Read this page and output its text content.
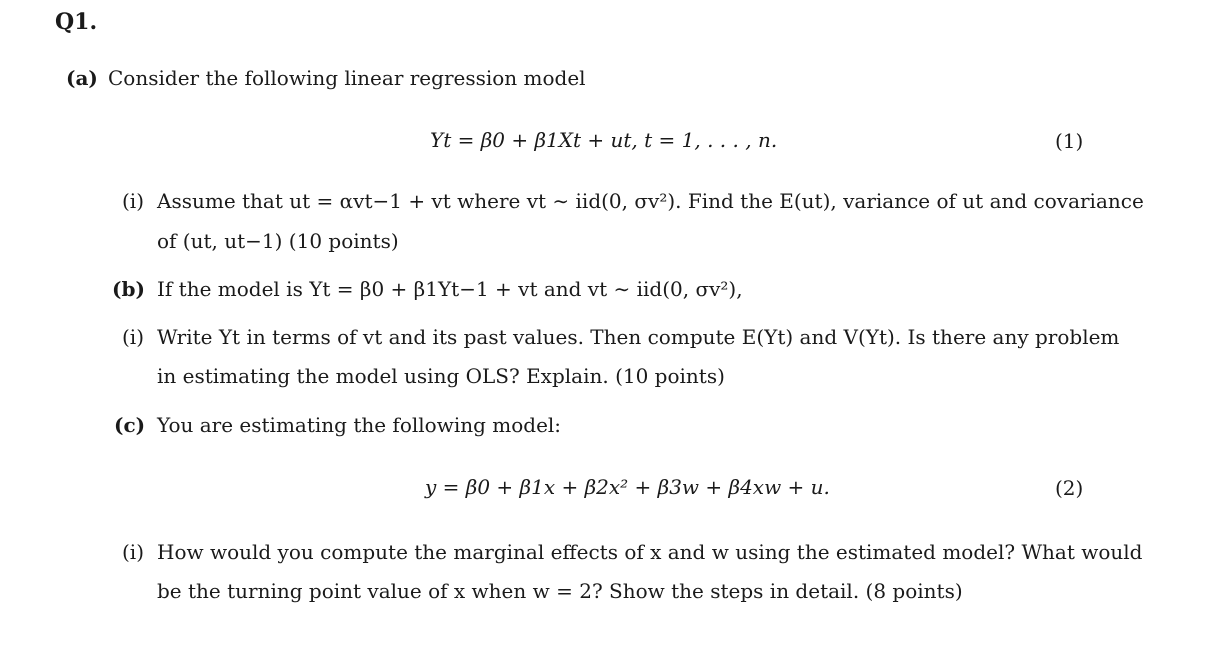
Q1.
(a) Consider the following linear regression model
Yt = β0 + β1Xt + ut, t = 1, . . . , n.	(1)
(i) Assume that ut = αvt−1 + vt where vt ∼ iid(0, σv²). Find the E(ut), variance of ut and covariance
of (ut, ut−1) (10 points)
(b) If the model is Yt = β0 + β1Yt−1 + vt and vt ∼ iid(0, σv²),
(i) Write Yt in terms of vt and its past values. Then compute E(Yt) and V(Yt). Is there any problem
in estimating the model using OLS? Explain. (10 points)
(c) You are estimating the following model:
y = β0 + β1x + β2x² + β3w + β4xw + u.	(2)
(i) How would you compute the marginal effects of x and w using the estimated model? What would
be the turning point value of x when w = 2? Show the steps in detail. (8 points)
